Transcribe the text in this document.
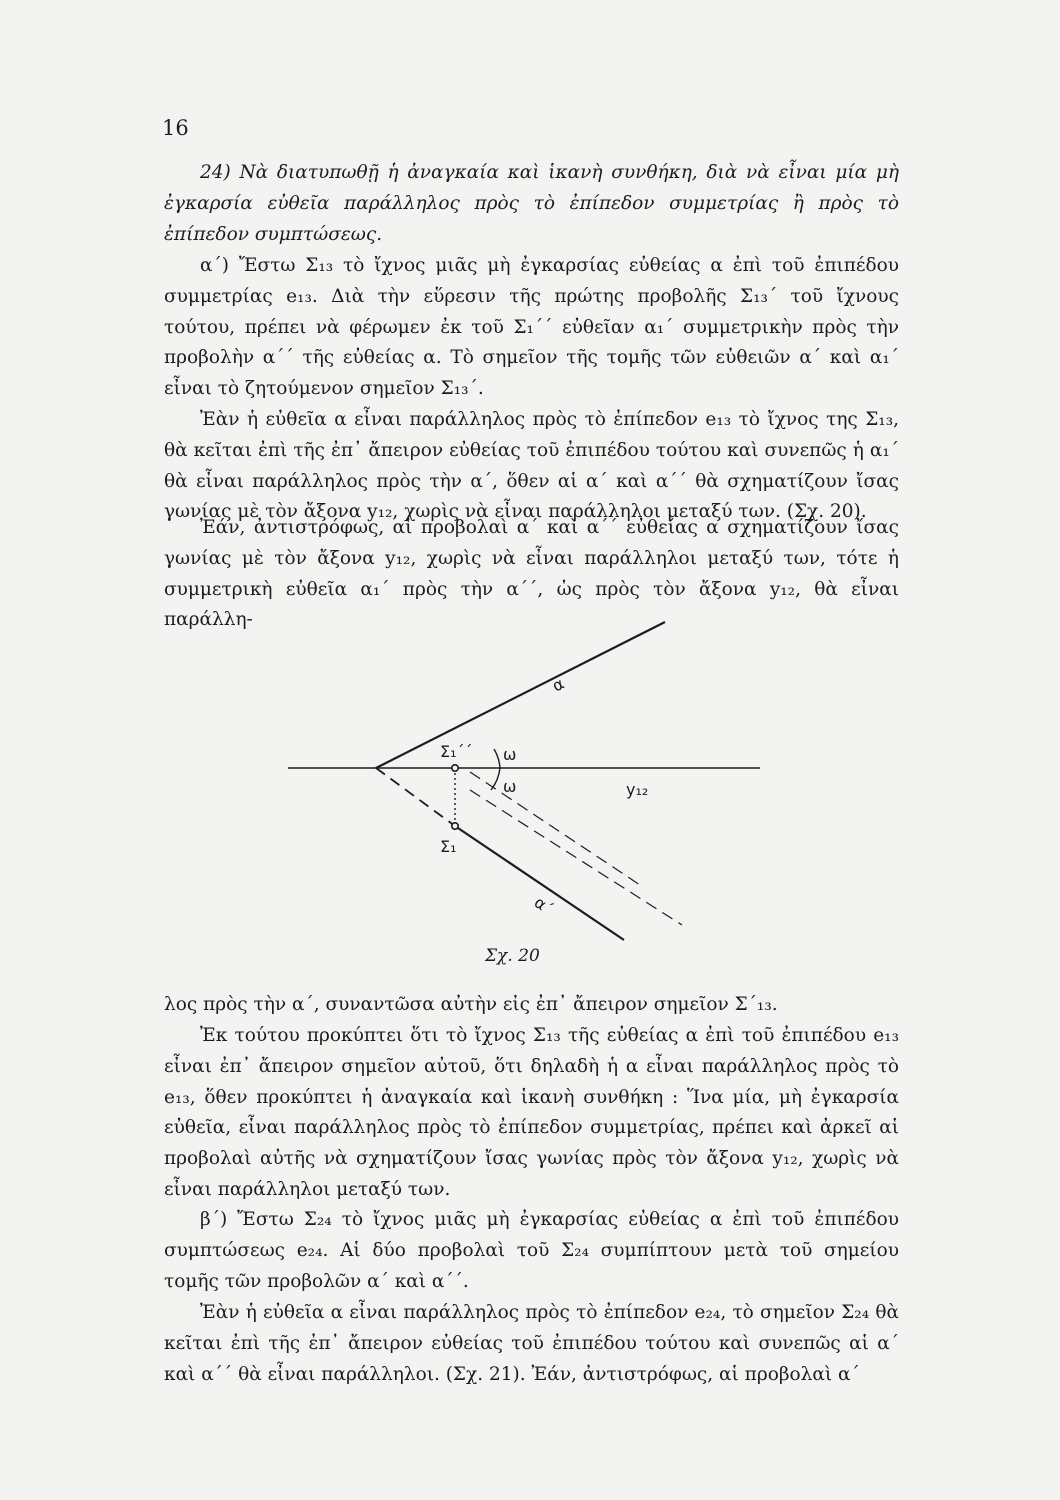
16

24) Νὰ διατυπωθῇ ἡ ἀναγκαία καὶ ἱκανὴ συνθήκη, διὰ νὰ εἶναι μία μὴ ἐγκαρσία εὐθεῖα παράλληλος πρὸς τὸ ἐπίπεδον συμμετρίας ἢ πρὸς τὸ ἐπίπεδον συμπτώσεως.

α΄) Ἔστω Σ₁₃ τὸ ἴχνος μιᾶς μὴ ἐγκαρσίας εὐθείας α ἐπὶ τοῦ ἐπιπέδου συμμετρίας e₁₃. Διὰ τὴν εὕρεσιν τῆς πρώτης προβολῆς Σ₁₃΄ τοῦ ἴχνους τούτου, πρέπει νὰ φέρωμεν ἐκ τοῦ Σ₁΄΄ εὐθεῖαν α₁΄ συμμετρικὴν πρὸς τὴν προβολὴν α΄΄ τῆς εὐθείας α. Τὸ σημεῖον τῆς τομῆς τῶν εὐθειῶν α΄ καὶ α₁΄ εἶναι τὸ ζητούμενον σημεῖον Σ₁₃΄.

Ἐὰν ἡ εὐθεῖα α εἶναι παράλληλος πρὸς τὸ ἐπίπεδον e₁₃ τὸ ἴχνος της Σ₁₃, θὰ κεῖται ἐπὶ τῆς ἐπ᾽ ἄπειρον εὐθείας τοῦ ἐπιπέδου τούτου καὶ συνεπῶς ἡ α₁΄ θὰ εἶναι παράλληλος πρὸς τὴν α΄, ὅθεν αἱ α΄ καὶ α΄΄ θὰ σχηματίζουν ἴσας γωνίας μὲ τὸν ἄξονα y₁₂, χωρὶς νὰ εἶναι παράλληλοι μεταξύ των. (Σχ. 20).

Ἐάν, ἀντιστρόφως, αἱ προβολαὶ α΄ καὶ α΄΄ εὐθείας α σχηματίζουν ἴσας γωνίας μὲ τὸν ἄξονα y₁₂, χωρὶς νὰ εἶναι παράλληλοι μεταξύ των, τότε ἡ συμμετρικὴ εὐθεῖα α₁΄ πρὸς τὴν α΄΄, ὡς πρὸς τὸν ἄξονα y₁₂, θὰ εἶναι παράλλη-

α
α΄
ω
ω
Σ₁΄΄
Σ₁
y₁₂
Σχ. 20

λος πρὸς τὴν α΄, συναντῶσα αὐτὴν εἰς ἐπ᾽ ἄπειρον σημεῖον Σ΄₁₃.

Ἐκ τούτου προκύπτει ὅτι τὸ ἴχνος Σ₁₃ τῆς εὐθείας α ἐπὶ τοῦ ἐπιπέδου e₁₃ εἶναι ἐπ᾽ ἄπειρον σημεῖον αὐτοῦ, ὅτι δηλαδὴ ἡ α εἶναι παράλληλος πρὸς τὸ e₁₃, ὅθεν προκύπτει ἡ ἀναγκαία καὶ ἱκανὴ συνθήκη : Ἵνα μία, μὴ ἐγκαρσία εὐθεῖα, εἶναι παράλληλος πρὸς τὸ ἐπίπεδον συμμετρίας, πρέπει καὶ ἀρκεῖ αἱ προβολαὶ αὐτῆς νὰ σχηματίζουν ἴσας γωνίας πρὸς τὸν ἄξονα y₁₂, χωρὶς νὰ εἶναι παράλληλοι μεταξύ των.

β΄) Ἔστω Σ₂₄ τὸ ἴχνος μιᾶς μὴ ἐγκαρσίας εὐθείας α ἐπὶ τοῦ ἐπιπέδου συμπτώσεως e₂₄. Αἱ δύο προβολαὶ τοῦ Σ₂₄ συμπίπτουν μετὰ τοῦ σημείου τομῆς τῶν προβολῶν α΄ καὶ α΄΄.

Ἐὰν ἡ εὐθεῖα α εἶναι παράλληλος πρὸς τὸ ἐπίπεδον e₂₄, τὸ σημεῖον Σ₂₄ θὰ κεῖται ἐπὶ τῆς ἐπ᾽ ἄπειρον εὐθείας τοῦ ἐπιπέδου τούτου καὶ συνεπῶς αἱ α΄ καὶ α΄΄ θὰ εἶναι παράλληλοι. (Σχ. 21). Ἐάν, ἀντιστρόφως, αἱ προβολαὶ α΄
